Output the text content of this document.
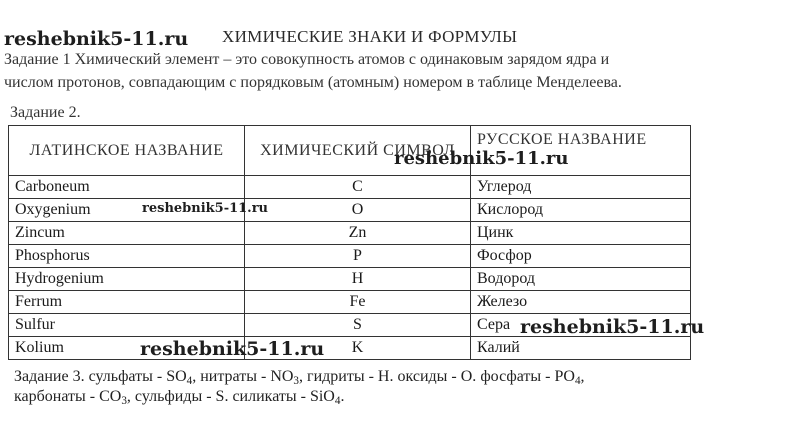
ХИМИЧЕСКИЕ ЗНАКИ И ФОРМУЛЫ
Задание 1 Химический элемент – это совокупность атомов с одинаковым зарядом ядра и
числом протонов, совпадающим с порядковым (атомным) номером в таблице Менделеева.
Задание 2.
ЛАТИНСКОЕ НАЗВАНИЕ	ХИМИЧЕСКИЙ СИМВОЛ	РУССКОЕ НАЗВАНИЕ
Carboneum	C	Углерод
Oxygenium	O	Кислород
Zincum	Zn	Цинк
Phosphorus	P	Фосфор
Hydrogenium	H	Водород
Ferrum	Fe	Железо
Sulfur	S	Сера
Kolium	K	Калий
Задание 3. сульфаты - $SO_4$, нитраты - $NO_3$, гидриты - H. оксиды - O. фосфаты - $PO_4$,
карбонаты - $CO_3$, сульфиды - S. силикаты - SiO$_4$.
reshebnik5-11.ru
reshebnik5-11.ru
reshebnik5-11.ru
reshebnik5-11.ru
reshebnik5-11.ru
